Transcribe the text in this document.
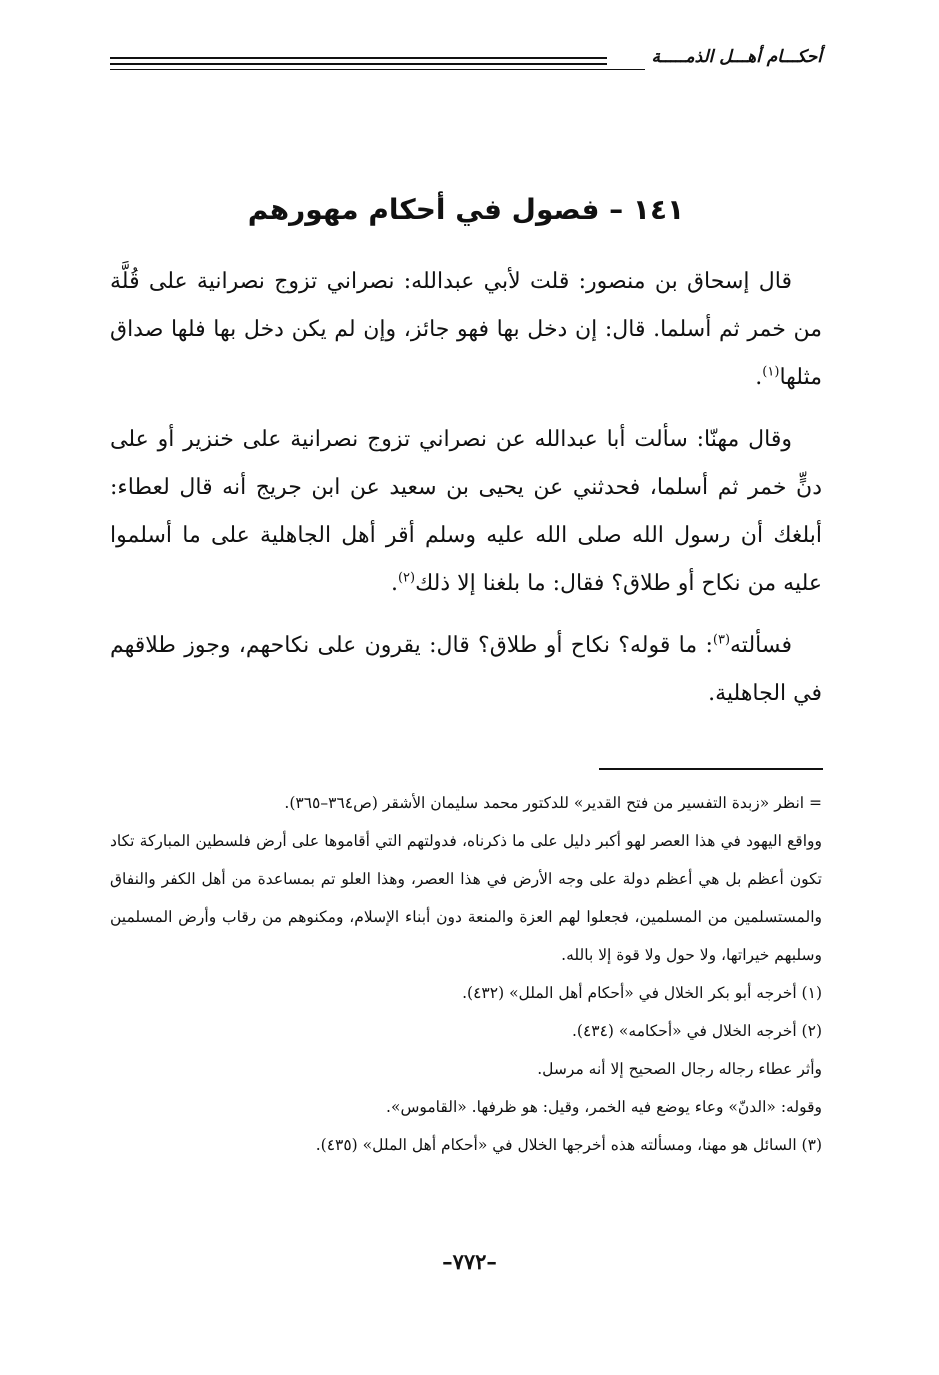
أحكـــام أهـــل الذمـــــة
١٤١ – فصول في أحكام مهورهم

قال إسحاق بن منصور: قلت لأبي عبدالله: نصراني تزوج نصرانية على قُلَّة من خمر ثم أسلما. قال: إن دخل بها فهو جائز، وإن لم يكن دخل بها فلها صداق مثلها$^{(١)}$.

وقال مهنّا: سألت أبا عبدالله عن نصراني تزوج نصرانية على خنزير أو على دنٍّ خمر ثم أسلما، فحدثني عن يحيى بن سعيد عن ابن جريج أنه قال لعطاء: أبلغك أن رسول الله صلى الله عليه وسلم أقر أهل الجاهلية على ما أسلموا عليه من نكاح أو طلاق؟ فقال: ما بلغنا إلا ذلك$^{(٢)}$.

فسألته$^{(٣)}$: ما قوله؟ نكاح أو طلاق؟ قال: يقرون على نكاحهم، وجوز طلاقهم في الجاهلية.

= انظر «زبدة التفسير من فتح القدير» للدكتور محمد سليمان الأشقر (ص٣٦٤–٣٦٥).

وواقع اليهود في هذا العصر لهو أكبر دليل على ما ذكرناه، فدولتهم التي أقاموها على أرض فلسطين المباركة تكاد تكون أعظم بل هي أعظم دولة على وجه الأرض في هذا العصر، وهذا العلو تم بمساعدة من أهل الكفر والنفاق والمستسلمين من المسلمين، فجعلوا لهم العزة والمنعة دون أبناء الإسلام، ومكنوهم من رقاب وأرض المسلمين وسلبهم خيراتها، ولا حول ولا قوة إلا بالله.

(١) أخرجه أبو بكر الخلال في «أحكام أهل الملل» (٤٣٢).

(٢) أخرجه الخلال في «أحكامه» (٤٣٤).

وأثر عطاء رجاله رجال الصحيح إلا أنه مرسل.

وقوله: «الدنّ» وعاء يوضع فيه الخمر، وقيل: هو ظرفها. «القاموس».

(٣) السائل هو مهنا، ومسألته هذه أخرجها الخلال في «أحكام أهل الملل» (٤٣٥).

–٧٧٢–
